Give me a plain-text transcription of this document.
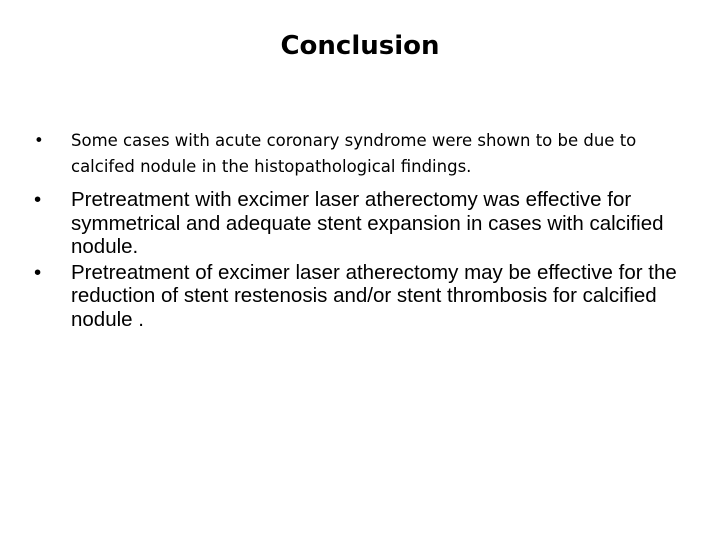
Conclusion
• Some cases with acute coronary syndrome were shown to be due to calcifed nodule in the histopathological findings.
• Pretreatment with excimer laser atherectomy was effective for symmetrical and adequate stent expansion in cases with calcified nodule.
• Pretreatment of excimer laser atherectomy may be effective for the reduction of stent restenosis and/or stent thrombosis for calcified nodule .
